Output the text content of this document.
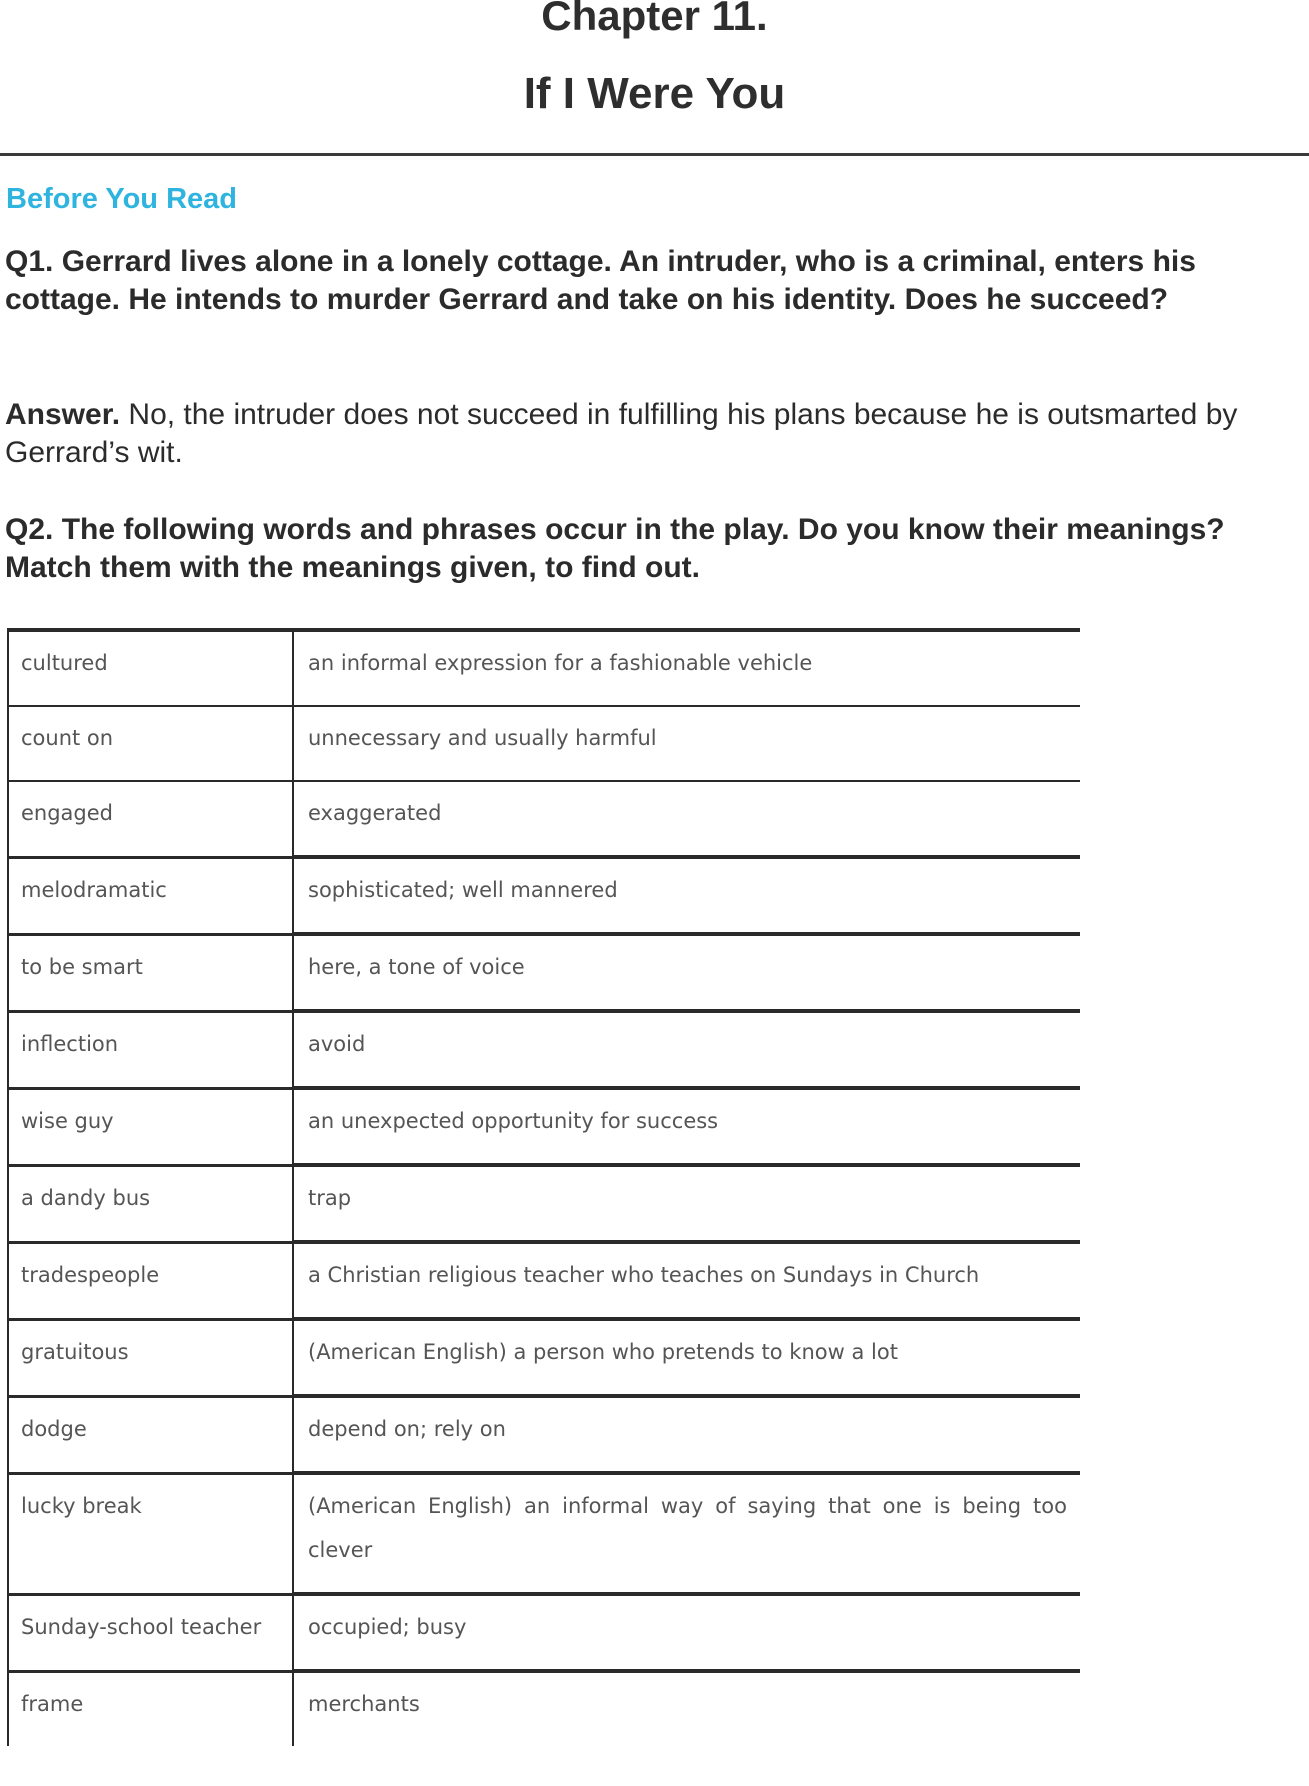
Chapter 11.
If I Were You
Before You Read

Q1. Gerrard lives alone in a lonely cottage. An intruder, who is a criminal, enters his cottage. He intends to murder Gerrard and take on his identity. Does he succeed?

Answer. No, the intruder does not succeed in fulfilling his plans because he is outsmarted by Gerrard’s wit.

Q2. The following words and phrases occur in the play. Do you know their meanings? Match them with the meanings given, to find out.

cultured	an informal expression for a fashionable vehicle
count on	unnecessary and usually harmful
engaged	exaggerated
melodramatic	sophisticated; well mannered
to be smart	here, a tone of voice
inflection	avoid
wise guy	an unexpected opportunity for success
a dandy bus	trap
tradespeople	a Christian religious teacher who teaches on Sundays in Church
gratuitous	(American English) a person who pretends to know a lot
dodge	depend on; rely on
lucky break	(American English) an informal way of saying that one is being too clever
Sunday-school teacher	occupied; busy
frame	merchants
